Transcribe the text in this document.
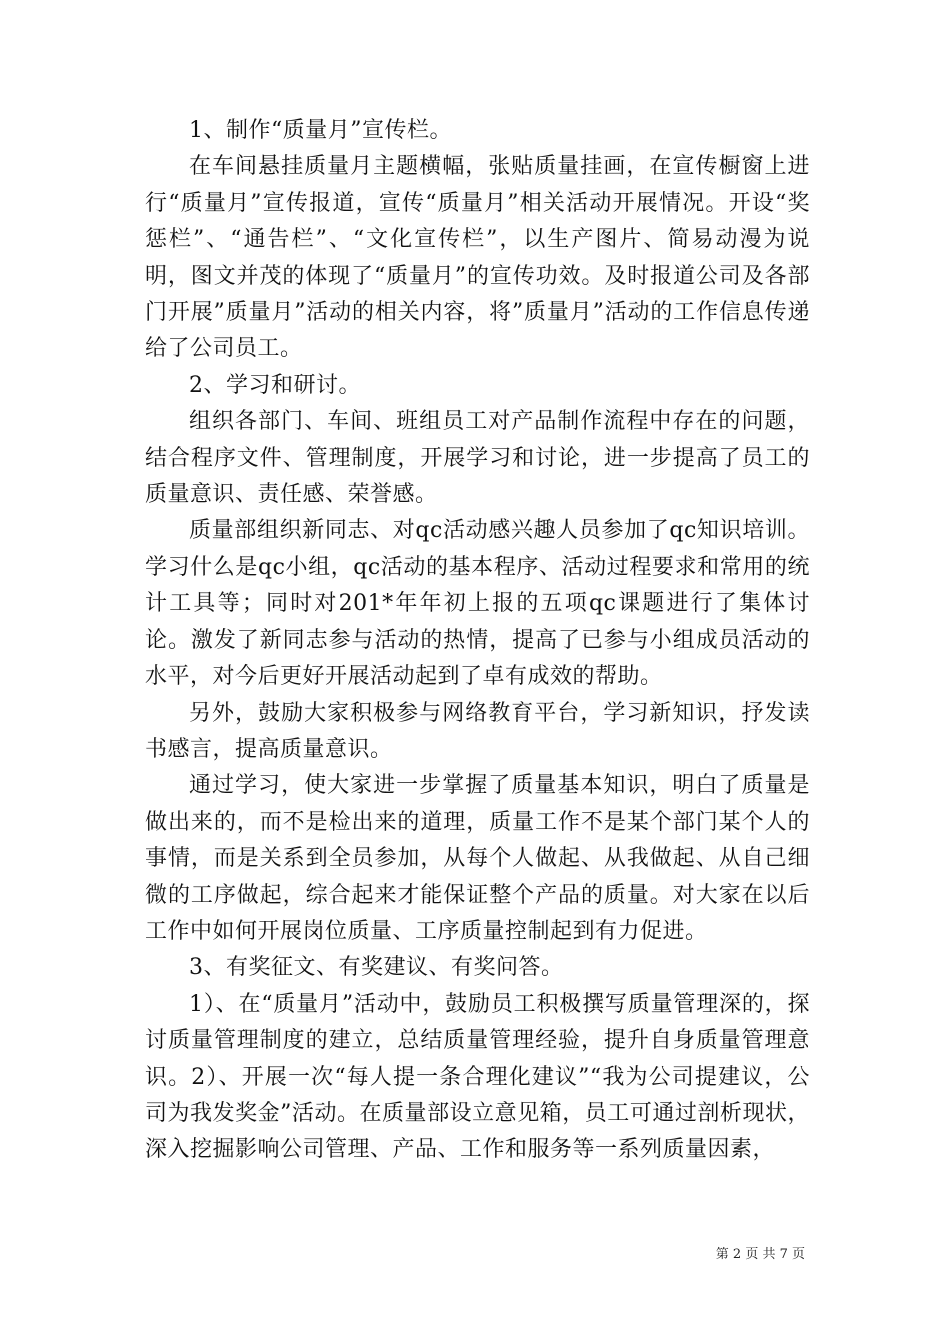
1、制作“质量月”宣传栏。

在车间悬挂质量月主题横幅，张贴质量挂画，在宣传橱窗上进行“质量月”宣传报道，宣传“质量月”相关活动开展情况。开设“奖惩栏”、“通告栏”、“文化宣传栏”，以生产图片、简易动漫为说明，图文并茂的体现了“质量月”的宣传功效。及时报道公司及各部门开展”质量月”活动的相关内容，将”质量月”活动的工作信息传递给了公司员工。

2、学习和研讨。

组织各部门、车间、班组员工对产品制作流程中存在的问题，结合程序文件、管理制度，开展学习和讨论，进一步提高了员工的质量意识、责任感、荣誉感。

质量部组织新同志、对qc活动感兴趣人员参加了qc知识培训。学习什么是qc小组，qc活动的基本程序、活动过程要求和常用的统计工具等；同时对201*年年初上报的五项qc课题进行了集体讨论。激发了新同志参与活动的热情，提高了已参与小组成员活动的水平，对今后更好开展活动起到了卓有成效的帮助。

另外，鼓励大家积极参与网络教育平台，学习新知识，抒发读书感言，提高质量意识。

通过学习，使大家进一步掌握了质量基本知识，明白了质量是做出来的，而不是检出来的道理，质量工作不是某个部门某个人的事情，而是关系到全员参加，从每个人做起、从我做起、从自己细微的工序做起，综合起来才能保证整个产品的质量。对大家在以后工作中如何开展岗位质量、工序质量控制起到有力促进。

3、有奖征文、有奖建议、有奖问答。

1）、在“质量月”活动中，鼓励员工积极撰写质量管理深的，探讨质量管理制度的建立，总结质量管理经验，提升自身质量管理意识。2）、开展一次“每人提一条合理化建议”“我为公司提建议，公司为我发奖金”活动。在质量部设立意见箱，员工可通过剖析现状，深入挖掘影响公司管理、产品、工作和服务等一系列质量因素，

第 2 页 共 7 页
